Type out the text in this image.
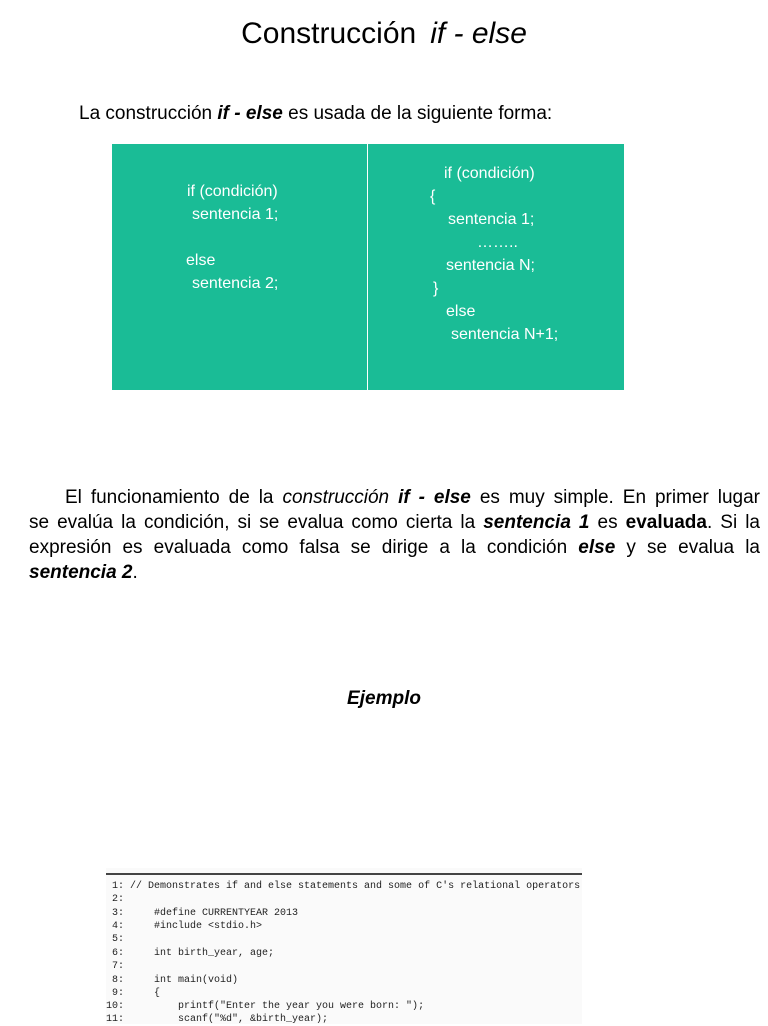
Construcción if - else
La construcción if - else es usada de la siguiente forma:
if (condición)
sentencia 1;
else
sentencia 2;
if (condición)
{
sentencia 1;
……..
sentencia N;
}
else
sentencia N+1;
El funcionamiento de la construcción if - else es muy simple. En primer lugar
se evalúa la condición, si se evalua como cierta la sentencia 1 es evaluada. Si la
expresión es evaluada como falsa se dirige a la condición else y se evalua la
sentencia 2.
Ejemplo
1: // Demonstrates if and else statements and some of C's relational operators
2:
3:     #define CURRENTYEAR 2013
4:     #include <stdio.h>
5:
6:     int birth_year, age;
7:
8:     int main(void)
9:     {
10:         printf("Enter the year you were born: ");
11:         scanf("%d", &birth_year);
